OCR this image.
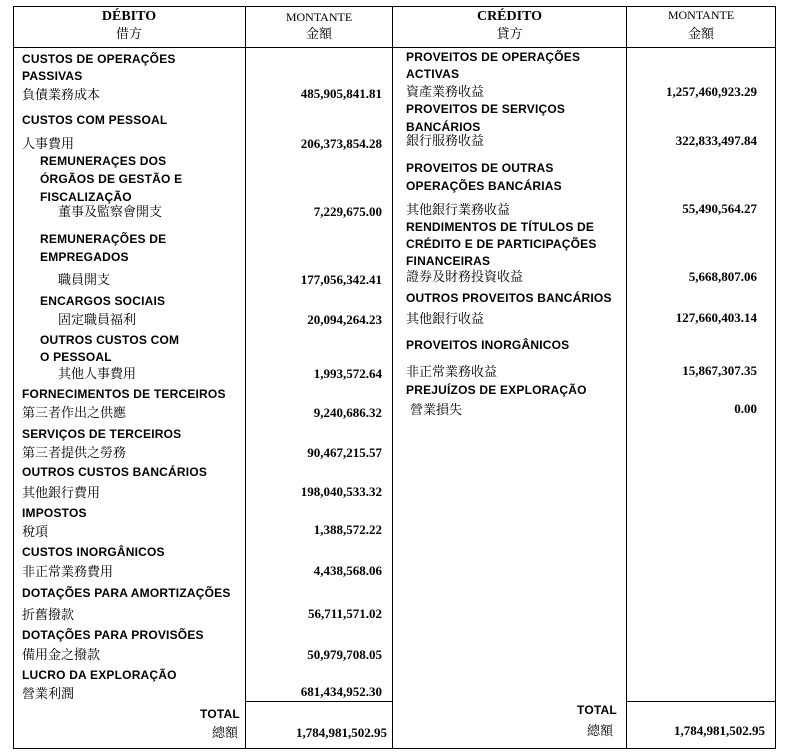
DÉBITO
借方
MONTANTE
金額
CRÉDITO
貸方
MONTANTE
金額
CUSTOS DE OPERAÇÕES
PASSIVAS
負債業務成本	485,905,841.81
CUSTOS COM PESSOAL
人事費用	206,373,854.28
REMUNERAÇES DOS
ÓRGÃOS DE GESTÃO E
FISCALIZAÇÃO
董事及監察會開支	7,229,675.00
REMUNERAÇÕES DE
EMPREGADOS
職員開支	177,056,342.41
ENCARGOS SOCIAIS
固定職員福利	20,094,264.23
OUTROS CUSTOS COM
O PESSOAL
其他人事費用	1,993,572.64
FORNECIMENTOS DE TERCEIROS
第三者作出之供應	9,240,686.32
SERVIÇOS DE TERCEIROS
第三者提供之勞務	90,467,215.57
OUTROS CUSTOS BANCÁRIOS
其他銀行費用	198,040,533.32
IMPOSTOS
稅項	1,388,572.22
CUSTOS INORGÂNICOS
非正常業務費用	4,438,568.06
DOTAÇÕES PARA AMORTIZAÇÕES
折舊撥款	56,711,571.02
DOTAÇÕES PARA PROVISÕES
備用金之撥款	50,979,708.05
LUCRO DA EXPLORAÇÃO
營業利潤	681,434,952.30
TOTAL
總額	1,784,981,502.95
PROVEITOS DE OPERAÇÕES
ACTIVAS
資產業務收益	1,257,460,923.29
PROVEITOS DE SERVIÇOS
BANCÁRIOS
銀行服務收益	322,833,497.84
PROVEITOS DE OUTRAS
OPERAÇÕES BANCÁRIAS
其他銀行業務收益	55,490,564.27
RENDIMENTOS DE TÍTULOS DE
CRÉDITO E DE PARTICIPAÇÕES
FINANCEIRAS
證券及財務投資收益	5,668,807.06
OUTROS PROVEITOS BANCÁRIOS
其他銀行收益	127,660,403.14
PROVEITOS INORGÂNICOS
非正常業務收益	15,867,307.35
PREJUÍZOS DE EXPLORAÇÃO
營業損失	0.00
TOTAL
總額	1,784,981,502.95
